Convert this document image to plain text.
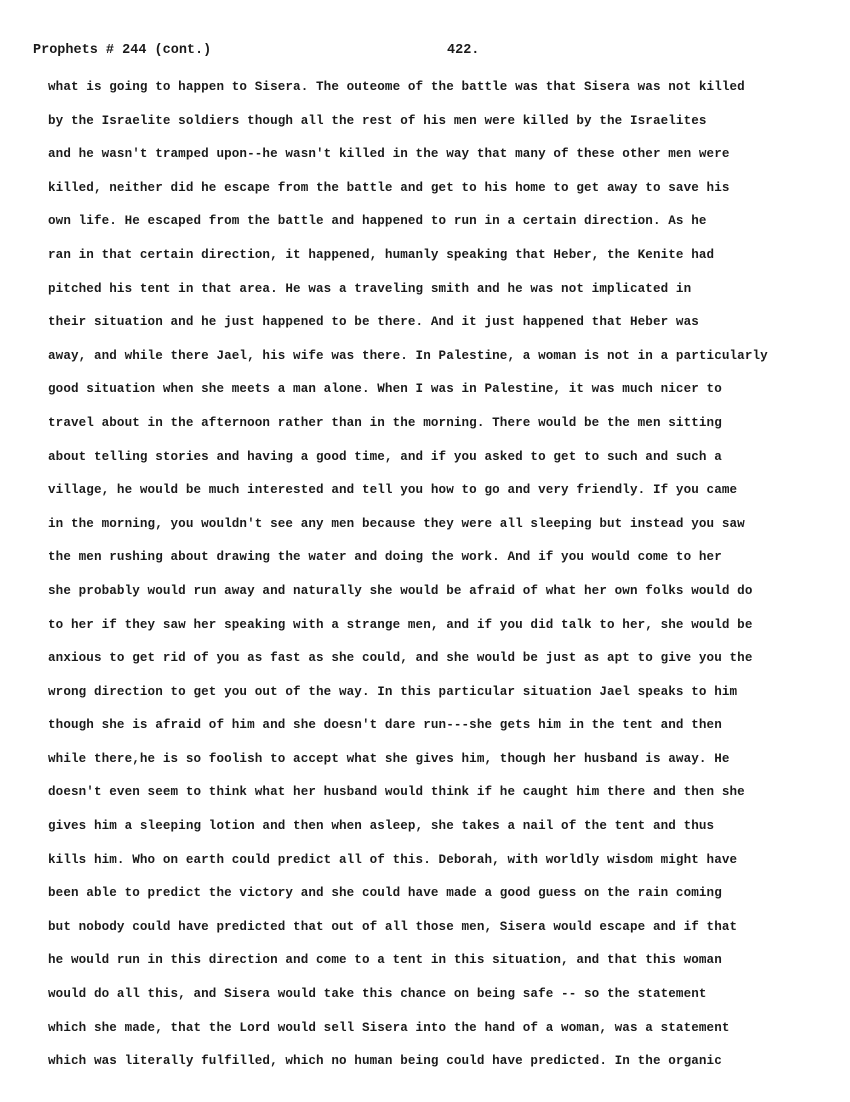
Prophets # 244 (cont.)	422.
what is going to happen to Sisera. The outeome of the battle was that Sisera was not killed
by the Israelite soldiers though all the rest of his men were killed by the Israelites
and he wasn't tramped upon--he wasn't killed in the way that many of these other men were
killed, neither did he escape from the battle and get to his home to get away to save his
own life. He escaped from the battle and happened to run in a certain direction. As he
ran in that certain direction, it happened, humanly speaking that Heber, the Kenite had
pitched his tent in that area. He was a traveling smith and he was not implicated in
their situation and he just happened to be there. And it just happened that Heber was
away, and while there Jael, his wife was there. In Palestine, a woman is not in a particularly
good situation when she meets a man alone. When I was in Palestine, it was much nicer to
travel about in the afternoon rather than in the morning. There would be the men sitting
about telling stories and having a good time, and if you asked to get to such and such a
village, he would be much interested and tell you how to go and very friendly. If you came
in the morning, you wouldn't see any men because they were all sleeping but instead you saw
the men rushing about drawing the water and doing the work. And if you would come to her
she probably would run away and naturally she would be afraid of what her own folks would do
to her if they saw her speaking with a strange men, and if you did talk to her, she would be
anxious to get rid of you as fast as she could, and she would be just as apt to give you the
wrong direction to get you out of the way. In this particular situation Jael speaks to him
though she is afraid of him and she doesn't dare run---she gets him in the tent and then
while there,he is so foolish to accept what she gives him, though her husband is away. He
doesn't even seem to think what her husband would think if he caught him there and then she
gives him a sleeping lotion and then when asleep, she takes a nail of the tent and thus
kills him. Who on earth could predict all of this. Deborah, with worldly wisdom might have
been able to predict the victory and she could have made a good guess on the rain coming
but nobody could have predicted that out of all those men, Sisera would escape and if that
he would run in this direction and come to a tent in this situation, and that this woman
would do all this, and Sisera would take this chance on being safe -- so the statement
which she made, that the Lord would sell Sisera into the hand of a woman, was a statement
which was literally fulfilled, which no human being could have predicted. In the organic
